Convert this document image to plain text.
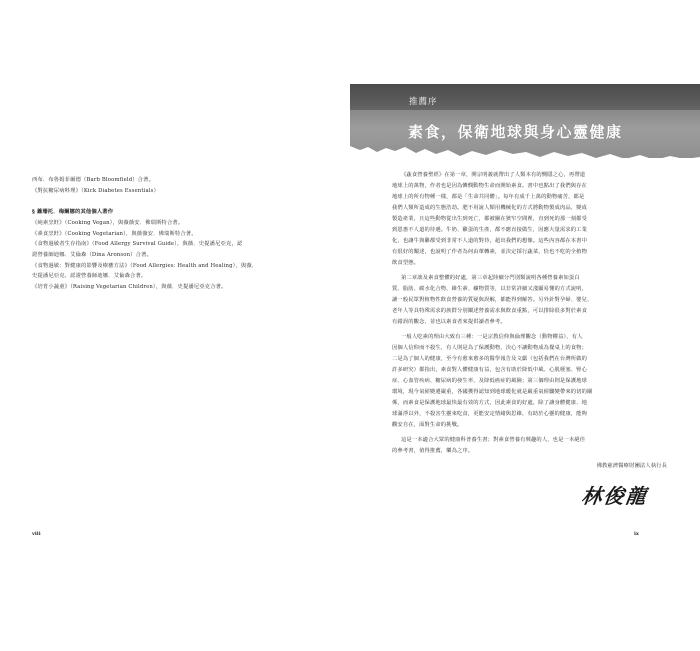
西布．布魯姆菲爾德（Barb Bloomfield）合著。

《對抗糖尿病料理》（Kick Diabetes Essentials）

§ 蕭珊托．梅爾娜的其他個人著作

《純素烹飪》（Cooking Vegan），與薇薇安．佛瑞斯特合著。

《素食烹飪》（Cooking Vegetarian），與薇薇安．佛瑞斯特合著。

《食物過敏者生存指南》（Food Allergy Survival Guide），與薇．史提潘尼亞克，認

證營養師迪娜．艾倫森（Dina Aronson）合著。

《食物過敏：對健康的影響及療癒方法》（Food Allergies: Health and Healing），與薇．

史提潘尼亞克、認證營養師迪娜．艾倫森合著。

《培育小蔬童》（Raising Vegetarian Children），與薇．史提潘尼亞克合著。

viii
推薦序
素食，保衛地球與身心靈健康
《蔬食營養聖經》在第一章，開宗明義就帶出了人類本有的惻隱之心，再帶道
地球上的萬物，作者也是因為憐憫動物生命而開始素食。書中也點出了我們與存在
地球上的所有物種一樣，都是「生命共同體」。每年有成千上萬的動物痛苦，都是
我們人類所造成的生態浩劫。肥不用說人類用機械化的方式將動物製成肉品，變成
製造產業，且這些動物從出生到死亡，都被關在狹窄空間裡，直到死的那一刻都受
到恩惠不人道的待遇。牛奶、雞蛋的生產，都不應直接做生，因應大量需求的工業
化，也讓牛與雞都受到非常不人道的對待，超出我們的想像。這些內容都在本書中
有很好的闡述，也說明了作者為何由葷轉素，並決定採行蔬菜，恰也不吃的全植物
飲食型態。
第二章談及素食整體的好處，第三章起陸續分門別類說明各種營養素如蛋白
質、脂肪、碳水化合物、維生素、礦物質等，以非常詳細又淺顯易懂的方式說明，
讓一般民眾對植物性飲食營養的質疑與誤解，都能得到解答。另外針對孕婦、嬰兒、
老年人等具特殊需求的族群分別闡述營養需求與飲食重點，可以排除很多對於素食
有錯誤的觀念，並也以素食者來提供讀者參考。
一般人吃素的理由大致有三種：一是宗教信仰與倫理觀念（動物權益），有人
因個人信仰而不殺生，有人則是為了保護動物，決心不讓動物成為餐桌上的食物；
二是為了個人的健康，至今有愈來愈多的醫學報告及文獻（包括我們在台灣所做的
許多研究）都指出，素食對人體健康有益，包含有助於降低中風、心肌梗塞、腎心
症、心血管疾病、糖尿病的發生率，及降低癌症的風險；第三個理由則是保護地球
環境，現今氣候變遷嚴重，各國獲得認知到地球暖化就是嚴重氣候驟變帶來的切的關
係，而素食是保護地球最快最有效的方式，因此素食的好處，除了讓身體健康、地
球滿淨以外，不殺害生靈來吃食，更能安定情緒與思維，有助於心靈的健康，能夠
觀安自在，面對生命的挑戰。
這是一本適合大眾的健康科普養生書；對素食營養有興趣的人，也是一本絕佳
的參考書，值得推薦，樂為之序。
佛教慈濟醫療財團法人執行長
林俊龍
ix
